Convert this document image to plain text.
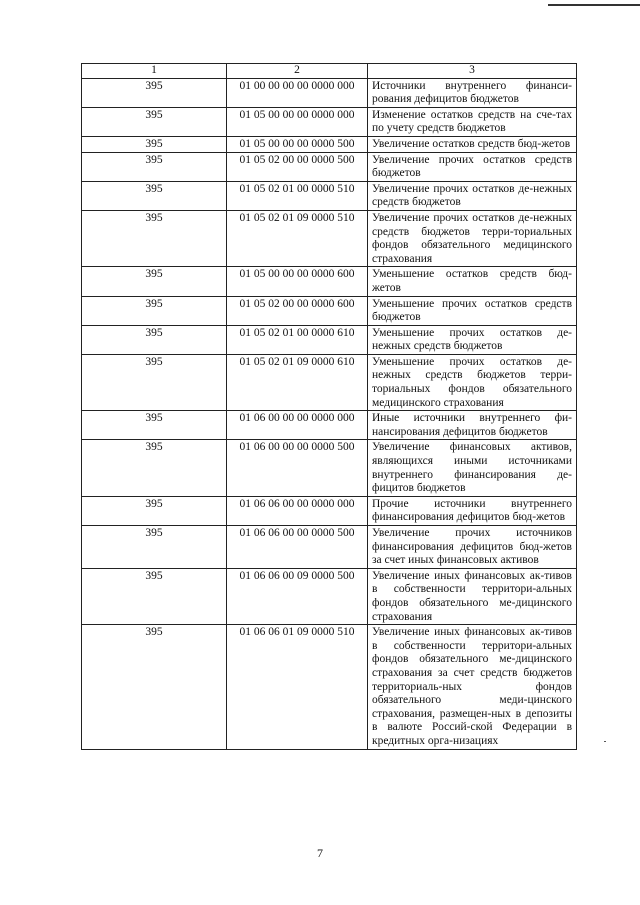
1	2	3
395	01 00 00 00 00 0000 000	Источники внутреннего финанси-рования дефицитов бюджетов
395	01 05 00 00 00 0000 000	Изменение остатков средств на сче-тах по учету средств бюджетов
395	01 05 00 00 00 0000 500	Увеличение остатков средств бюд-жетов
395	01 05 02 00 00 0000 500	Увеличение прочих остатков средств бюджетов
395	01 05 02 01 00 0000 510	Увеличение прочих остатков де-нежных средств бюджетов
395	01 05 02 01 09 0000 510	Увеличение прочих остатков де-нежных средств бюджетов терри-ториальных фондов обязательного медицинского страхования
395	01 05 00 00 00 0000 600	Уменьшение остатков средств бюд-жетов
395	01 05 02 00 00 0000 600	Уменьшение прочих остатков средств бюджетов
395	01 05 02 01 00 0000 610	Уменьшение прочих остатков де-нежных средств бюджетов
395	01 05 02 01 09 0000 610	Уменьшение прочих остатков де-нежных средств бюджетов терри-ториальных фондов обязательного медицинского страхования
395	01 06 00 00 00 0000 000	Иные источники внутреннего фи-нансирования дефицитов бюджетов
395	01 06 00 00 00 0000 500	Увеличение финансовых активов, являющихся иными источниками внутреннего финансирования де-фицитов бюджетов
395	01 06 06 00 00 0000 000	Прочие источники внутреннего финансирования дефицитов бюд-жетов
395	01 06 06 00 00 0000 500	Увеличение прочих источников финансирования дефицитов бюд-жетов за счет иных финансовых активов
395	01 06 06 00 09 0000 500	Увеличение иных финансовых ак-тивов в собственности территори-альных фондов обязательного ме-дицинского страхования
395	01 06 06 01 09 0000 510	Увеличение иных финансовых ак-тивов в собственности территори-альных фондов обязательного ме-дицинского страхования за счет средств бюджетов территориаль-ных фондов обязательного меди-цинского страхования, размещен-ных в депозиты в валюте Россий-ской Федерации в кредитных орга-низациях
7
